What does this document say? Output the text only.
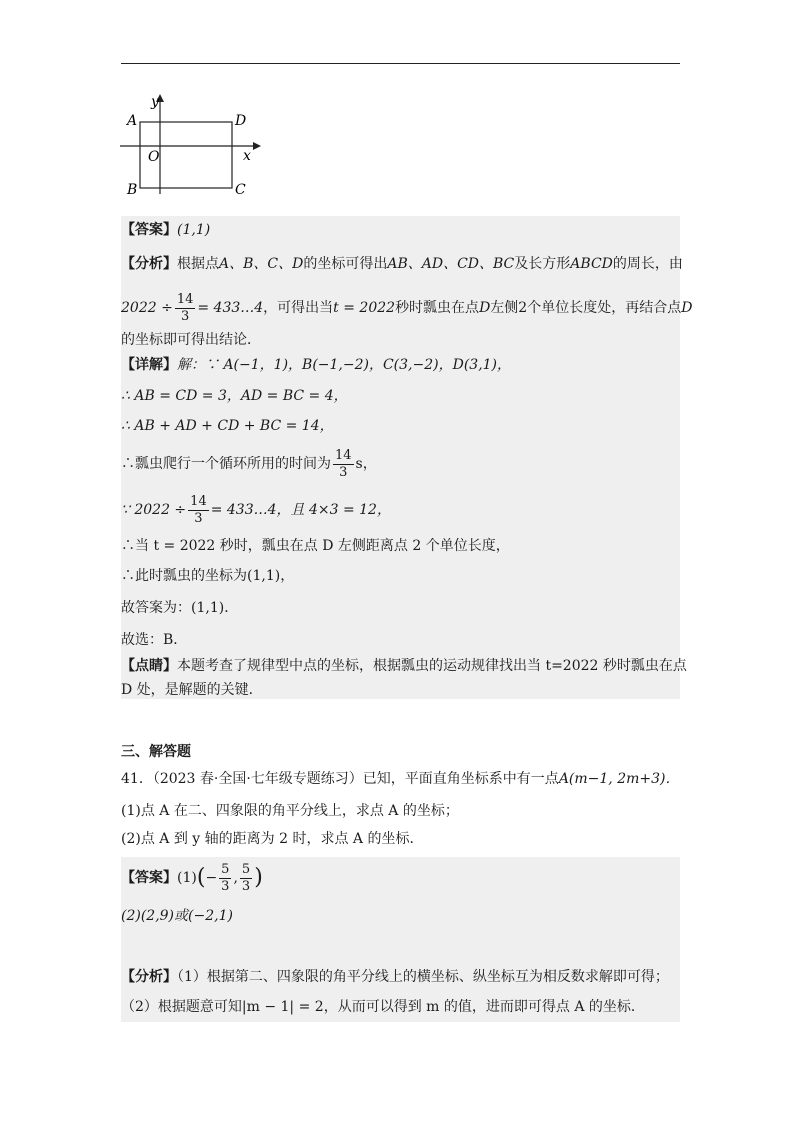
y
x
O
A	D
B	C
【答案】(1,1)
【分析】根据点A、B、C、D的坐标可得出AB、AD、CD、BC及长方形ABCD的周长，由
$2022 \div \frac{14}{3}$ = 433…4，可得出当t = 2022秒时瓢虫在点D左侧2个单位长度处，再结合点D
的坐标即可得出结论．
【详解】解：∵ A(−1，1)，B(−1,−2)，C(3,−2)，D(3,1)，
∴ AB = CD = 3，AD = BC = 4，
∴ AB + AD + CD + BC = 14，
∴瓢虫爬行一个循环所用的时间为 $\frac{14}{3}$ s，
∵ $2022 \div \frac{14}{3}$ = 433…4，且 4×3 = 12，
∴当 t = 2022 秒时，瓢虫在点 D 左侧距离点 2 个单位长度，
∴此时瓢虫的坐标为(1,1)，
故答案为：(1,1)．
故选：B．
【点睛】本题考查了规律型中点的坐标，根据瓢虫的运动规律找出当 t=2022 秒时瓢虫在点
D 处，是解题的关键．
三、解答题
41．（2023 春·全国·七年级专题练习）已知，平面直角坐标系中有一点A(m−1, 2m+3)．
(1)点 A 在二、四象限的角平分线上，求点 A 的坐标；
(2)点 A 到 y 轴的距离为 2 时，求点 A 的坐标．
【答案】$(1)(- \frac{5}{3}$ , $\frac{5}{3}$ )
(2)(2,9)或(−2,1)
【分析】（1）根据第二、四象限的角平分线上的横坐标、纵坐标互为相反数求解即可得；
（2）根据题意可知|m − 1| = 2，从而可以得到 m 的值，进而即可得点 A 的坐标．
